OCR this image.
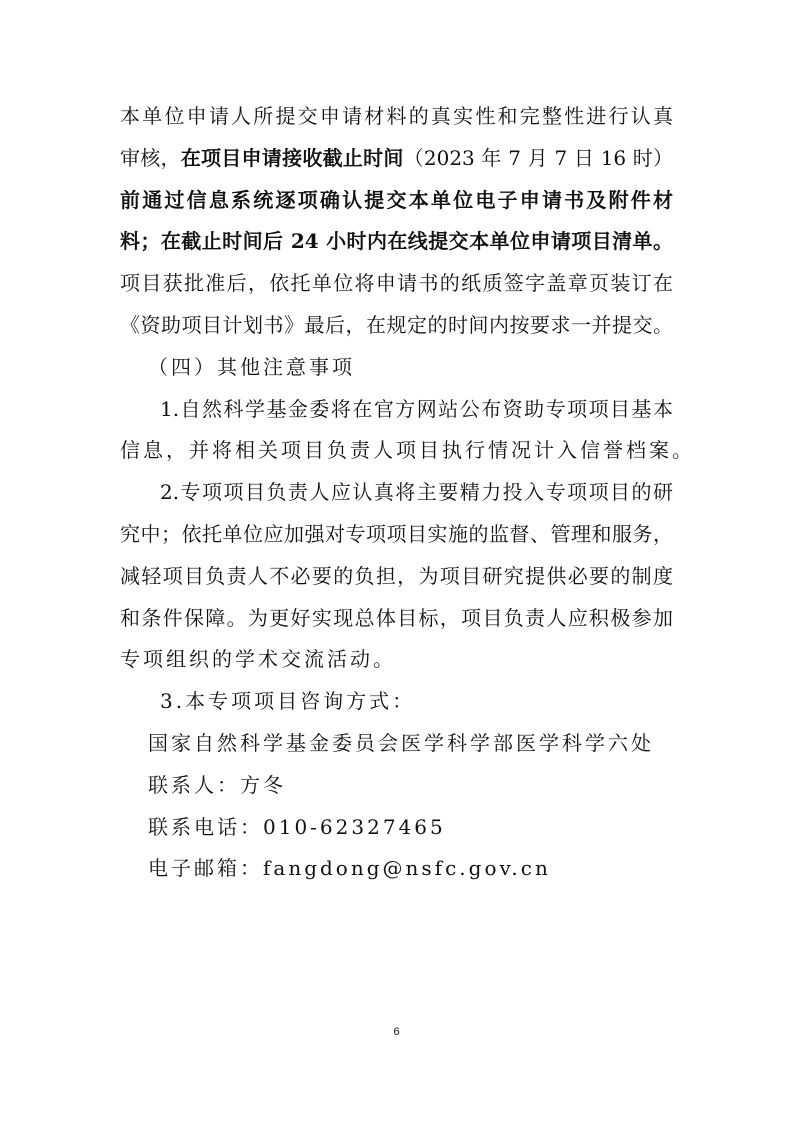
本单位申请人所提交申请材料的真实性和完整性进行认真
审核，在项目申请接收截止时间（2023 年 7 月 7 日 16 时）
前通过信息系统逐项确认提交本单位电子申请书及附件材
料；在截止时间后 24 小时内在线提交本单位申请项目清单。
项目获批准后，依托单位将申请书的纸质签字盖章页装订在
《资助项目计划书》最后，在规定的时间内按要求一并提交。
（四）其他注意事项
1.自然科学基金委将在官方网站公布资助专项项目基本
信息，并将相关项目负责人项目执行情况计入信誉档案。
2.专项项目负责人应认真将主要精力投入专项项目的研
究中；依托单位应加强对专项项目实施的监督、管理和服务，
减轻项目负责人不必要的负担，为项目研究提供必要的制度
和条件保障。为更好实现总体目标，项目负责人应积极参加
专项组织的学术交流活动。
3.本专项项目咨询方式：
国家自然科学基金委员会医学科学部医学科学六处
联系人：方冬
联系电话：010-62327465
电子邮箱：fangdong@nsfc.gov.cn
6
